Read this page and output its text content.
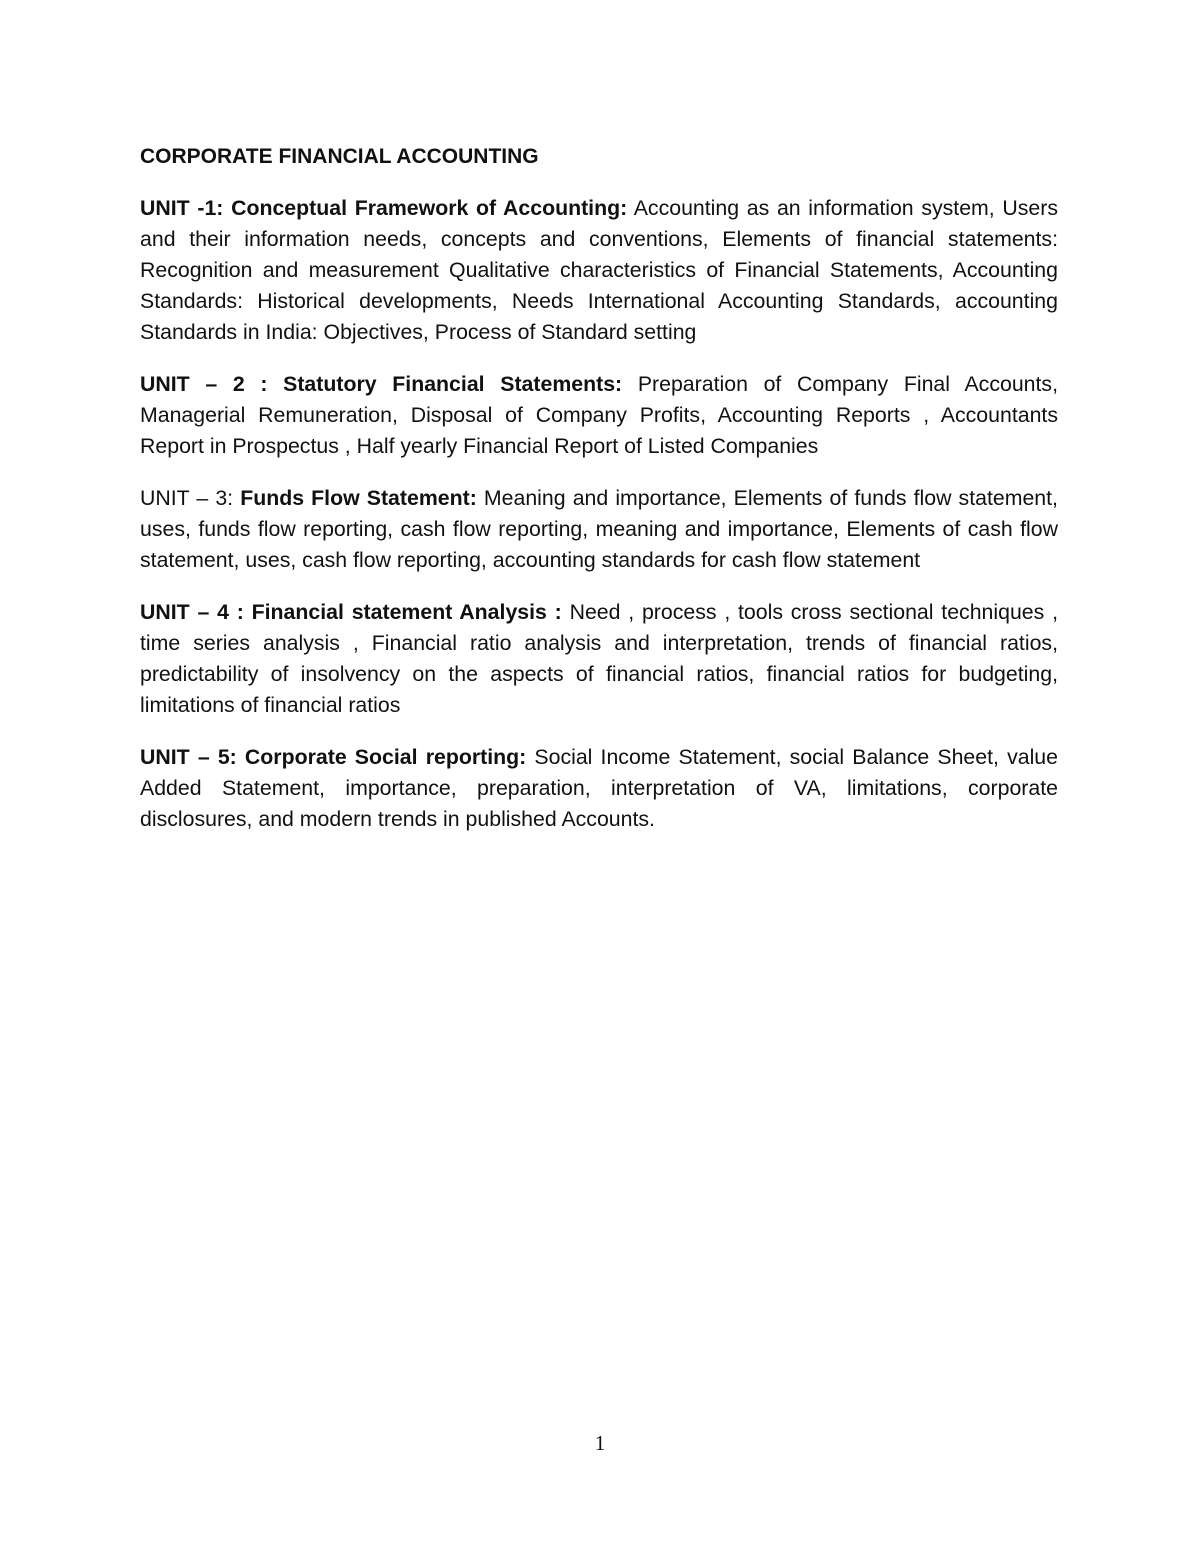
CORPORATE FINANCIAL ACCOUNTING

UNIT -1: Conceptual Framework of Accounting: Accounting as an information system, Users and their information needs, concepts and conventions, Elements of financial statements: Recognition and measurement Qualitative characteristics of Financial Statements, Accounting Standards: Historical developments, Needs International Accounting Standards, accounting Standards in India: Objectives, Process of Standard setting

UNIT – 2 : Statutory Financial Statements: Preparation of Company Final Accounts, Managerial Remuneration, Disposal of Company Profits, Accounting Reports , Accountants Report in Prospectus , Half yearly Financial Report of Listed Companies

UNIT – 3: Funds Flow Statement: Meaning and importance, Elements of funds flow statement, uses, funds flow reporting, cash flow reporting, meaning and importance, Elements of cash flow statement, uses, cash flow reporting, accounting standards for cash flow statement

UNIT – 4 : Financial statement Analysis : Need , process , tools cross sectional techniques , time series analysis , Financial ratio analysis and interpretation, trends of financial ratios, predictability of insolvency on the aspects of financial ratios, financial ratios for budgeting, limitations of financial ratios

UNIT – 5: Corporate Social reporting: Social Income Statement, social Balance Sheet, value Added Statement, importance, preparation, interpretation of VA, limitations, corporate disclosures, and modern trends in published Accounts.

1
